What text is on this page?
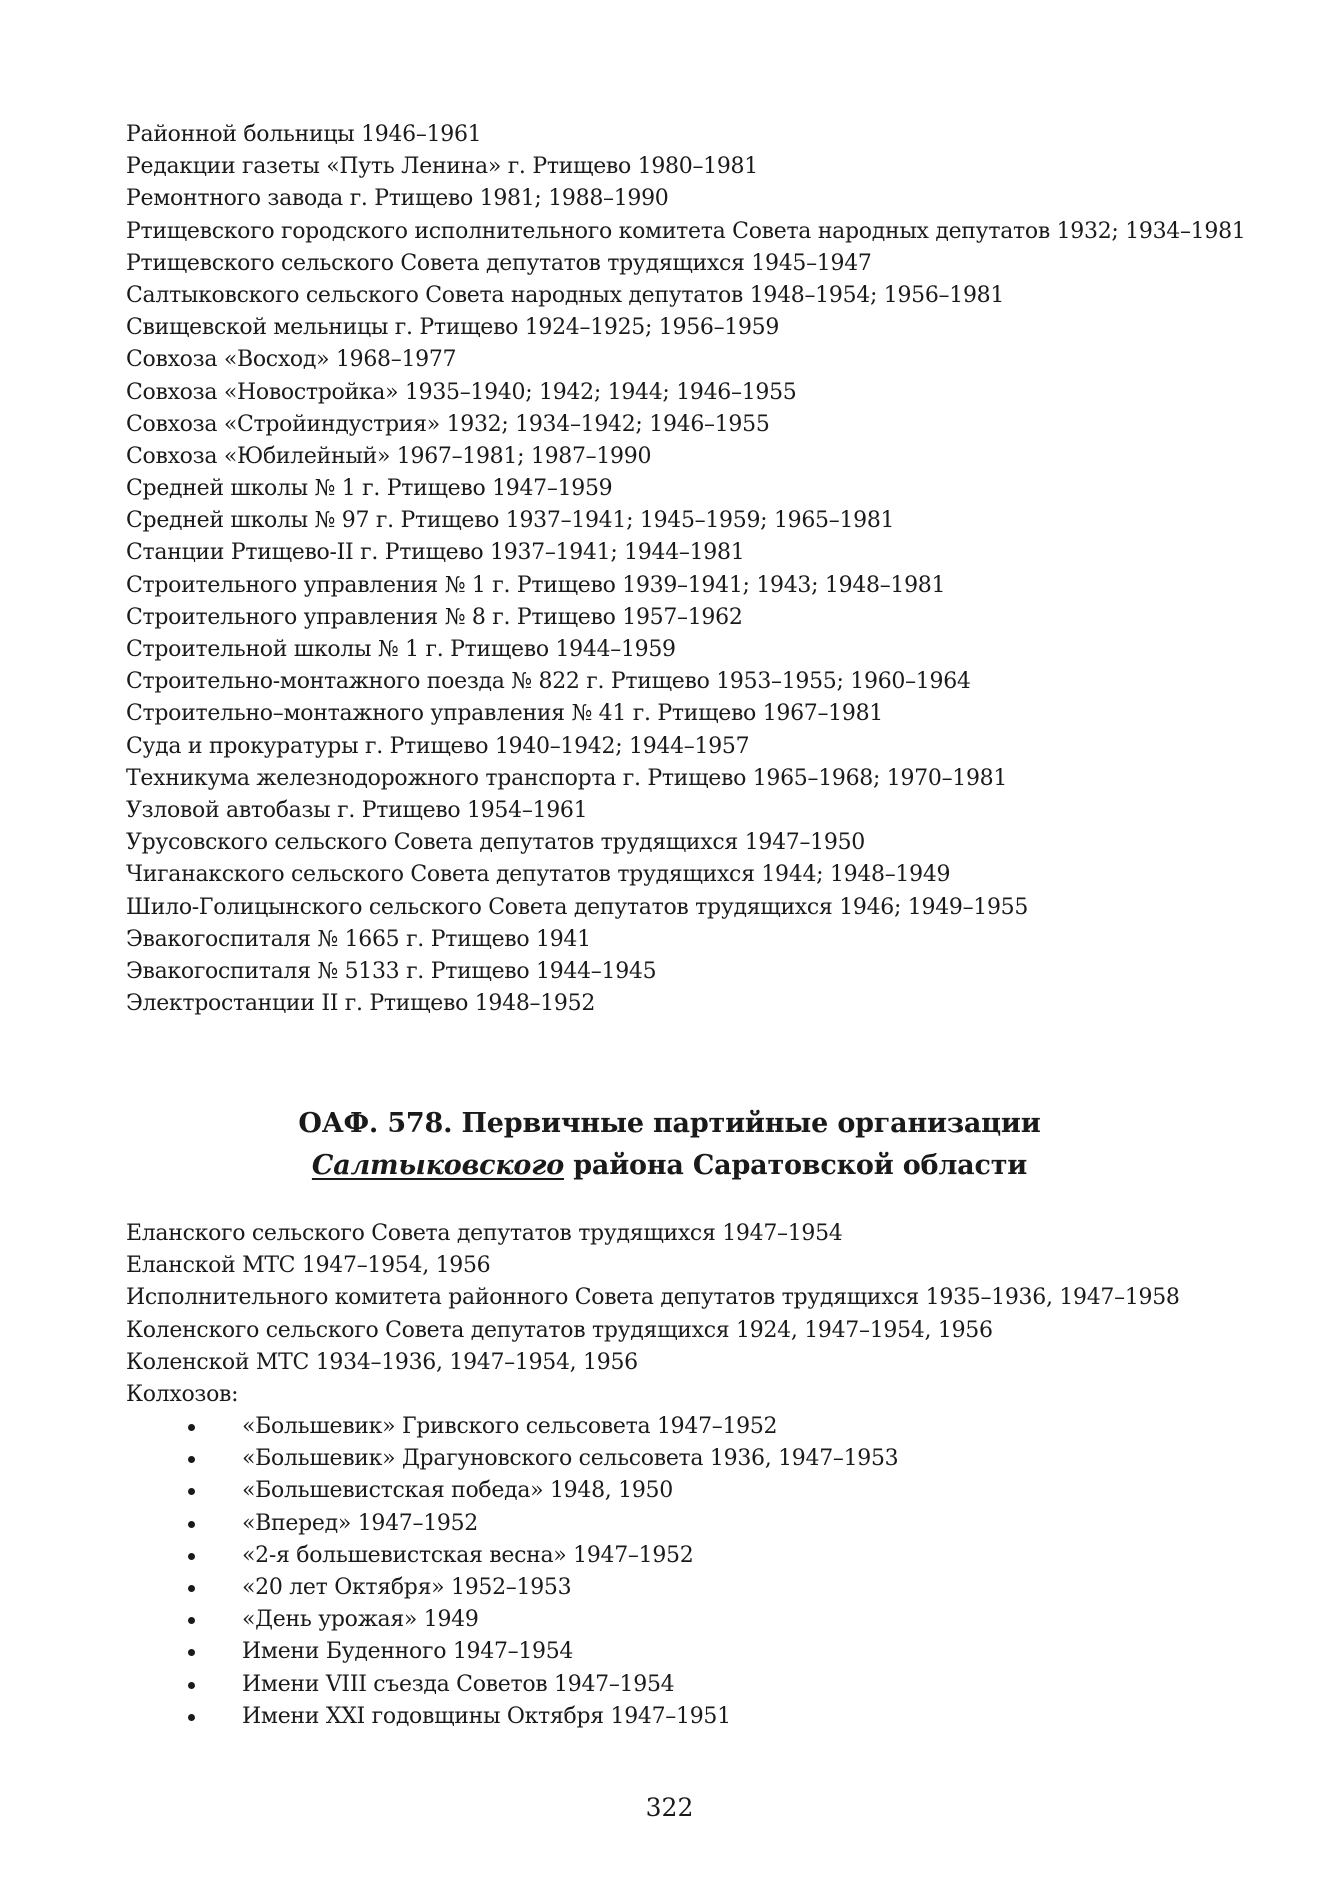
Районной больницы 1946–1961
Редакции газеты «Путь Ленина» г. Ртищево 1980–1981
Ремонтного завода г. Ртищево 1981; 1988–1990
Ртищевского городского исполнительного комитета Совета народных депутатов 1932; 1934–1981
Ртищевского сельского Совета депутатов трудящихся 1945–1947
Салтыковского сельского Совета народных депутатов 1948–1954; 1956–1981
Свищевской мельницы г. Ртищево 1924–1925; 1956–1959
Совхоза «Восход» 1968–1977
Совхоза «Новостройка» 1935–1940; 1942; 1944; 1946–1955
Совхоза «Стройиндустрия» 1932; 1934–1942; 1946–1955
Совхоза «Юбилейный» 1967–1981; 1987–1990
Средней школы № 1 г. Ртищево 1947–1959
Средней школы № 97 г. Ртищево 1937–1941; 1945–1959; 1965–1981
Станции Ртищево-II г. Ртищево 1937–1941; 1944–1981
Строительного управления № 1 г. Ртищево 1939–1941; 1943; 1948–1981
Строительного управления № 8 г. Ртищево 1957–1962
Строительной школы № 1 г. Ртищево 1944–1959
Строительно-монтажного поезда № 822 г. Ртищево 1953–1955; 1960–1964
Строительно–монтажного управления № 41 г. Ртищево 1967–1981
Суда и прокуратуры г. Ртищево 1940–1942; 1944–1957
Техникума железнодорожного транспорта г. Ртищево 1965–1968; 1970–1981
Узловой автобазы г. Ртищево 1954–1961
Урусовского сельского Совета депутатов трудящихся 1947–1950
Чиганакского сельского Совета депутатов трудящихся 1944; 1948–1949
Шило-Голицынского сельского Совета депутатов трудящихся 1946; 1949–1955
Эвакогоспиталя № 1665 г. Ртищево 1941
Эвакогоспиталя № 5133 г. Ртищево 1944–1945
Электростанции II г. Ртищево 1948–1952
ОАФ. 578. Первичные партийные организации
Салтыковского района Саратовской области
Еланского сельского Совета депутатов трудящихся 1947–1954
Еланской МТС 1947–1954, 1956
Исполнительного комитета районного Совета депутатов трудящихся 1935–1936, 1947–1958
Коленского сельского Совета депутатов трудящихся 1924, 1947–1954, 1956
Коленской МТС 1934–1936, 1947–1954, 1956
Колхозов:
«Большевик» Гривского сельсовета 1947–1952
«Большевик» Драгуновского сельсовета 1936, 1947–1953
«Большевистская победа» 1948, 1950
«Вперед» 1947–1952
«2-я большевистская весна» 1947–1952
«20 лет Октября» 1952–1953
«День урожая» 1949
Имени Буденного 1947–1954
Имени VIII съезда Советов 1947–1954
Имени XXI годовщины Октября 1947–1951
322
